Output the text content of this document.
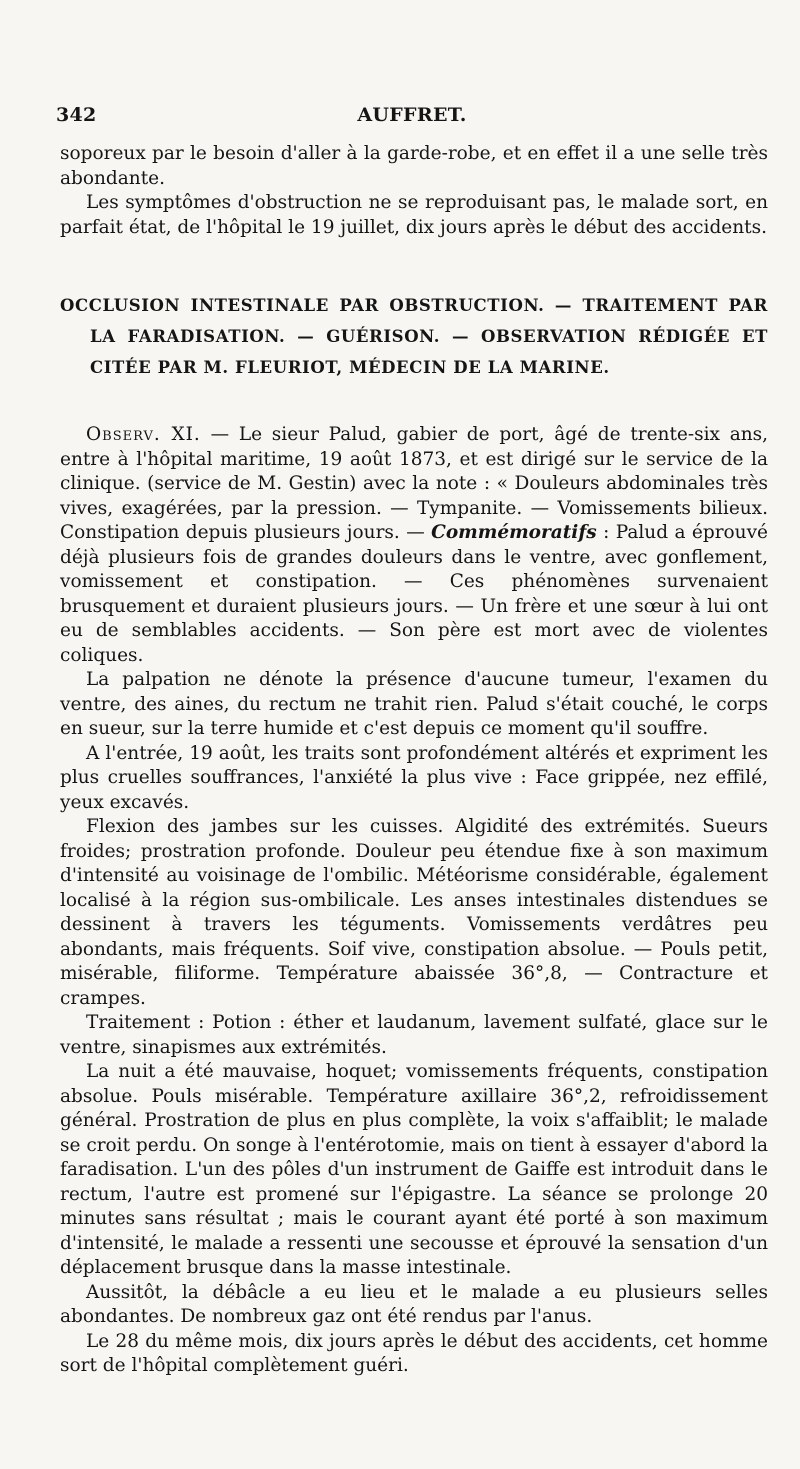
342	AUFFRET.

soporeux par le besoin d'aller à la garde-robe, et en effet il a une selle très abondante.

Les symptômes d'obstruction ne se reproduisant pas, le malade sort, en parfait état, de l'hôpital le 19 juillet, dix jours après le début des accidents.

OCCLUSION INTESTINALE PAR OBSTRUCTION. — TRAITEMENT PAR LA FARADISATION. — GUÉRISON. — OBSERVATION RÉDIGÉE ET CITÉE PAR M. FLEURIOT, MÉDECIN DE LA MARINE.

Observ. XI. — Le sieur Palud, gabier de port, âgé de trente-six ans, entre à l'hôpital maritime, 19 août 1873, et est dirigé sur le service de la clinique. (service de M. Gestin) avec la note : « Douleurs abdominales très vives, exagérées, par la pression. — Tympanite. — Vomissements bilieux. Constipation depuis plusieurs jours. — Commémoratifs : Palud a éprouvé déjà plusieurs fois de grandes douleurs dans le ventre, avec gonflement, vomissement et constipation. — Ces phénomènes survenaient brusquement et duraient plusieurs jours. — Un frère et une sœur à lui ont eu de semblables accidents. — Son père est mort avec de violentes coliques.

La palpation ne dénote la présence d'aucune tumeur, l'examen du ventre, des aines, du rectum ne trahit rien. Palud s'était couché, le corps en sueur, sur la terre humide et c'est depuis ce moment qu'il souffre.

A l'entrée, 19 août, les traits sont profondément altérés et expriment les plus cruelles souffrances, l'anxiété la plus vive : Face grippée, nez effilé, yeux excavés.

Flexion des jambes sur les cuisses. Algidité des extrémités. Sueurs froides; prostration profonde. Douleur peu étendue fixe à son maximum d'intensité au voisinage de l'ombilic. Météorisme considérable, également localisé à la région sus-ombilicale. Les anses intestinales distendues se dessinent à travers les téguments. Vomissements verdâtres peu abondants, mais fréquents. Soif vive, constipation absolue. — Pouls petit, misérable, filiforme. Température abaissée 36°,8, — Contracture et crampes.

Traitement : Potion : éther et laudanum, lavement sulfaté, glace sur le ventre, sinapismes aux extrémités.

La nuit a été mauvaise, hoquet; vomissements fréquents, constipation absolue. Pouls misérable. Température axillaire 36°,2, refroidissement général. Prostration de plus en plus complète, la voix s'affaiblit; le malade se croit perdu. On songe à l'entérotomie, mais on tient à essayer d'abord la faradisation. L'un des pôles d'un instrument de Gaiffe est introduit dans le rectum, l'autre est promené sur l'épigastre. La séance se prolonge 20 minutes sans résultat ; mais le courant ayant été porté à son maximum d'intensité, le malade a ressenti une secousse et éprouvé la sensation d'un déplacement brusque dans la masse intestinale.

Aussitôt, la débâcle a eu lieu et le malade a eu plusieurs selles abondantes. De nombreux gaz ont été rendus par l'anus.

Le 28 du même mois, dix jours après le début des accidents, cet homme sort de l'hôpital complètement guéri.
